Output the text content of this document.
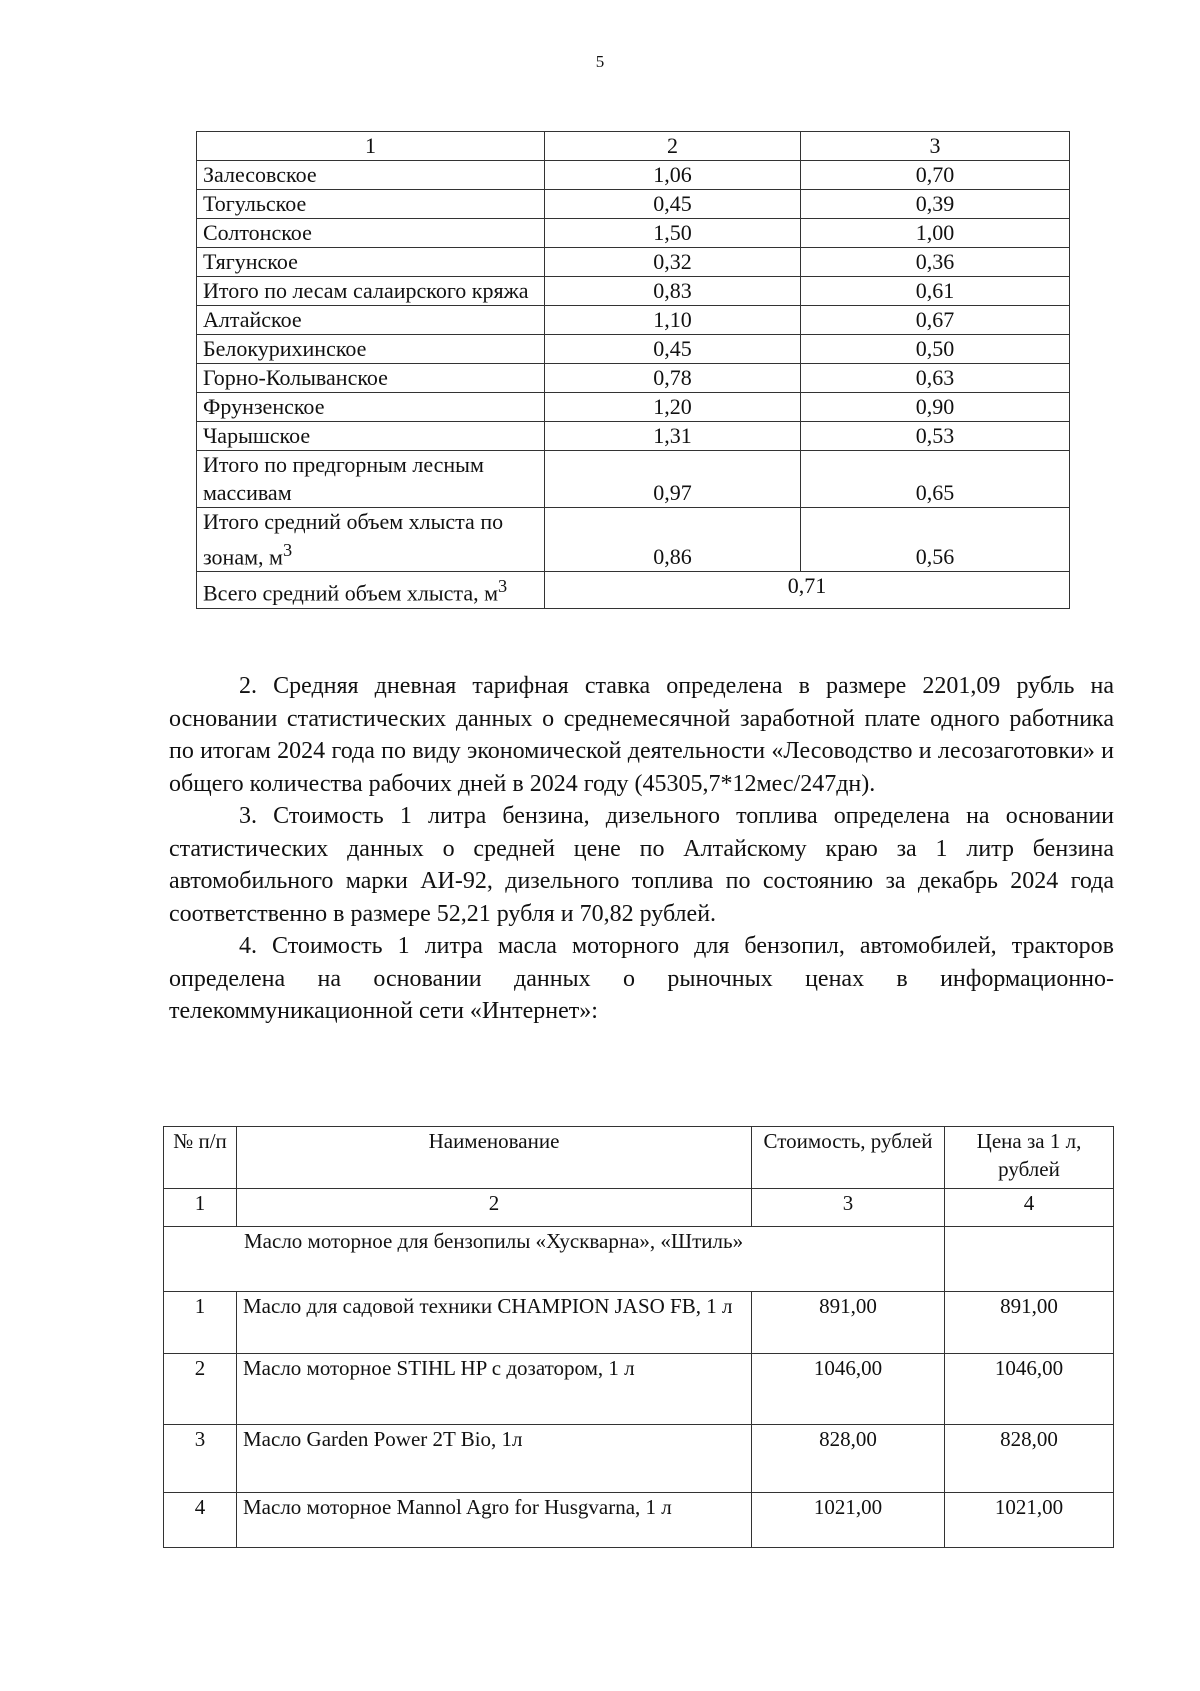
5
1	2	3
Залесовское	1,06	0,70
Тогульское	0,45	0,39
Солтонское	1,50	1,00
Тягунское	0,32	0,36
Итого по лесам салаирского кряжа	0,83	0,61
Алтайское	1,10	0,67
Белокурихинское	0,45	0,50
Горно-Колыванское	0,78	0,63
Фрунзенское	1,20	0,90
Чарышское	1,31	0,53
Итого по предгорным лесным массивам	0,97	0,65
Итого средний объем хлыста по зонам, $м^3$	0,86	0,56
Всего средний объем хлыста, $м^3$	0,71	

2. Средняя дневная тарифная ставка определена в размере 2201,09 рубль на основании статистических данных о среднемесячной заработной плате одного работника по итогам 2024 года по виду экономической деятельности «Лесоводство и лесозаготовки» и общего количества рабочих дней в 2024 году (45305,7*12мес/247дн).

3. Стоимость 1 литра бензина, дизельного топлива определена на основании статистических данных о средней цене по Алтайскому краю за 1 литр бензина автомобильного марки АИ-92, дизельного топлива по состоянию за декабрь 2024 года соответственно в размере 52,21 рубля и 70,82 рублей.

4. Стоимость 1 литра масла моторного для бензопил, автомобилей, тракторов определена на основании данных о рыночных ценах в информационно-телекоммуникационной сети «Интернет»:

№ п/п	Наименование	Стоимость, рублей	Цена за 1 л, рублей
1	2	3	4
Масло моторное для бензопилы «Хускварна», «Штиль»			
1	Масло для садовой техники CHAMPION JASO FB, 1 л	891,00	891,00
2	Масло моторное STIHL HP с дозатором, 1 л	1046,00	1046,00
3	Масло Garden Power 2T Bio, 1л	828,00	828,00
4	Масло моторное Mannol Agro for Husgvarna, 1 л	1021,00	1021,00
